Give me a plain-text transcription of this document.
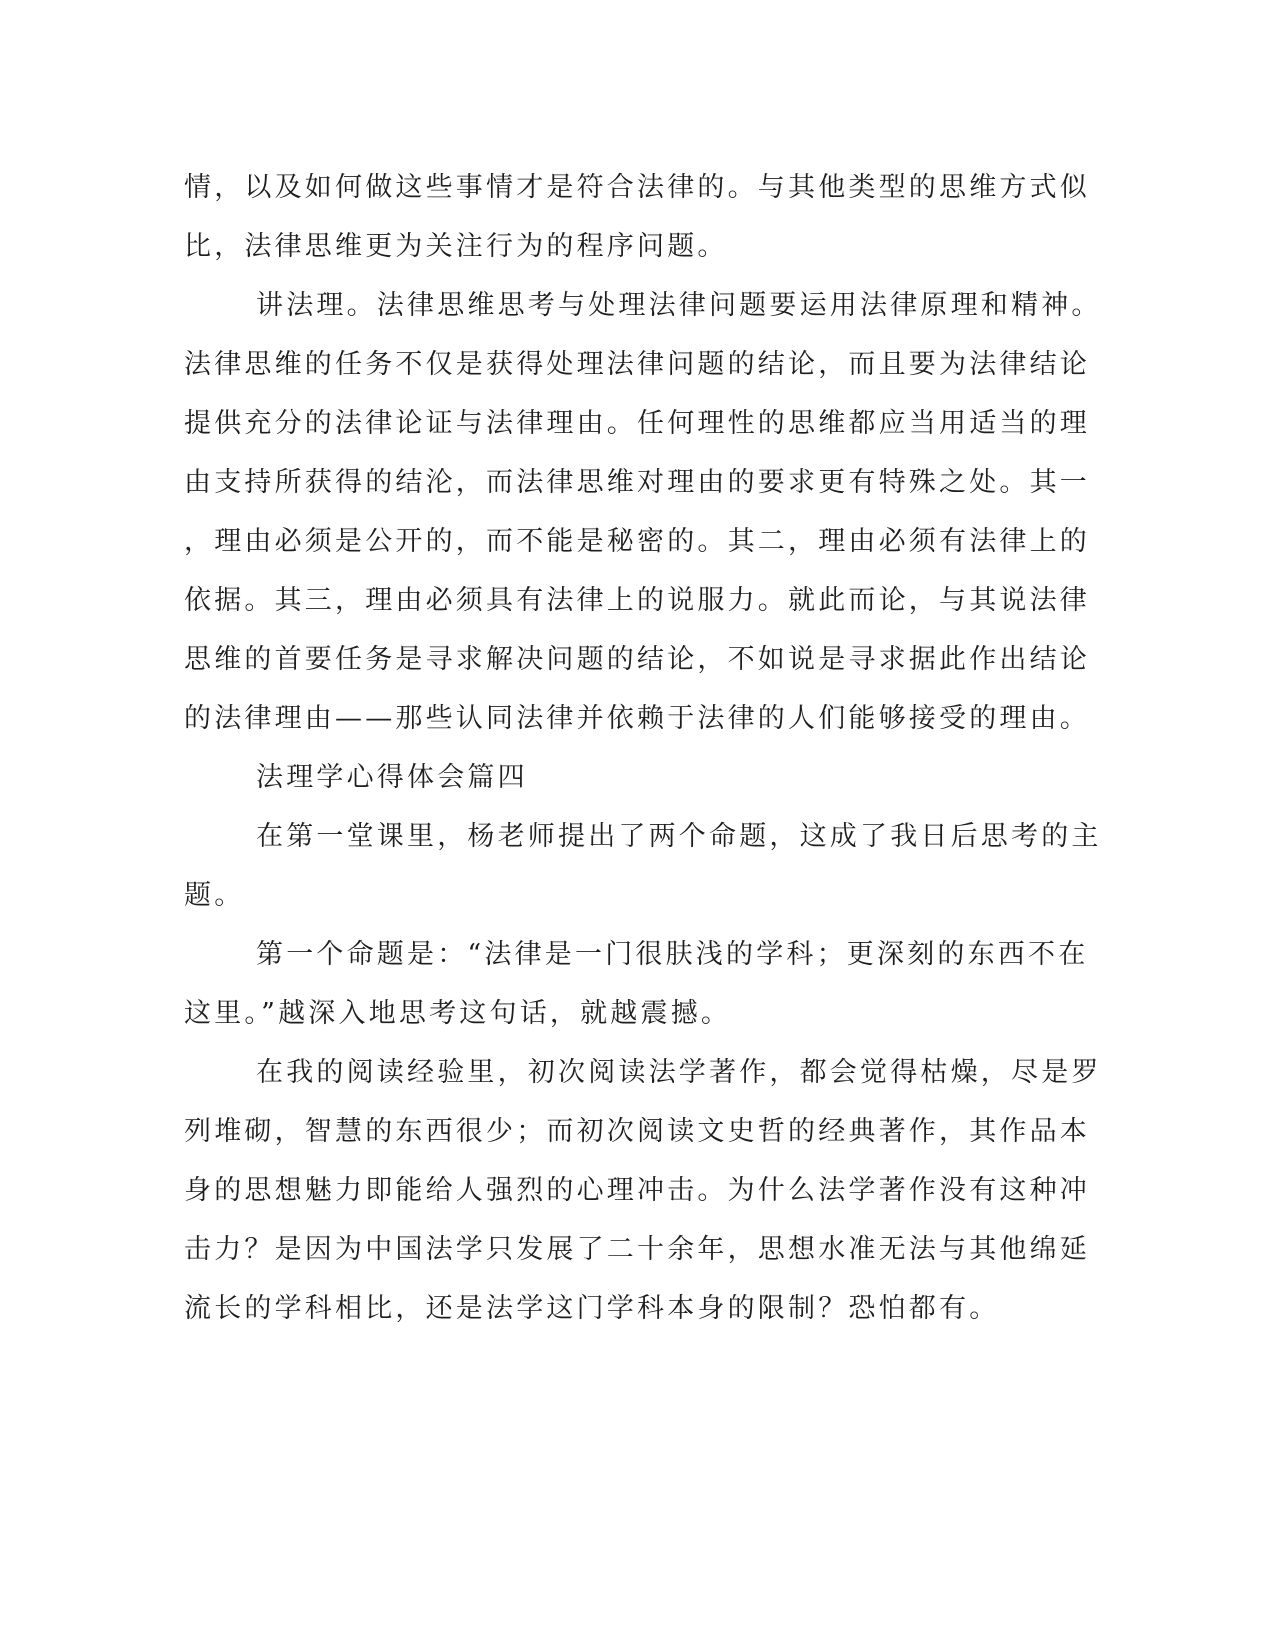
情，以及如何做这些事情才是符合法律的。与其他类型的思维方式似
比，法律思维更为关注行为的程序问题。
讲法理。法律思维思考与处理法律问题要运用法律原理和精神。
法律思维的任务不仅是获得处理法律问题的结论，而且要为法律结论
提供充分的法律论证与法律理由。任何理性的思维都应当用适当的理
由支持所获得的结沦，而法律思维对理由的要求更有特殊之处。其一
，理由必须是公开的，而不能是秘密的。其二，理由必须有法律上的
依据。其三，理由必须具有法律上的说服力。就此而论，与其说法律
思维的首要任务是寻求解决问题的结论，不如说是寻求据此作出结论
的法律理由——那些认同法律并依赖于法律的人们能够接受的理由。
法理学心得体会篇四
在第一堂课里，杨老师提出了两个命题，这成了我日后思考的主
题。
第一个命题是：“法律是一门很肤浅的学科；更深刻的东西不在
这里。”越深入地思考这句话，就越震撼。
在我的阅读经验里，初次阅读法学著作，都会觉得枯燥，尽是罗
列堆砌，智慧的东西很少；而初次阅读文史哲的经典著作，其作品本
身的思想魅力即能给人强烈的心理冲击。为什么法学著作没有这种冲
击力？是因为中国法学只发展了二十余年，思想水准无法与其他绵延
流长的学科相比，还是法学这门学科本身的限制？恐怕都有。
